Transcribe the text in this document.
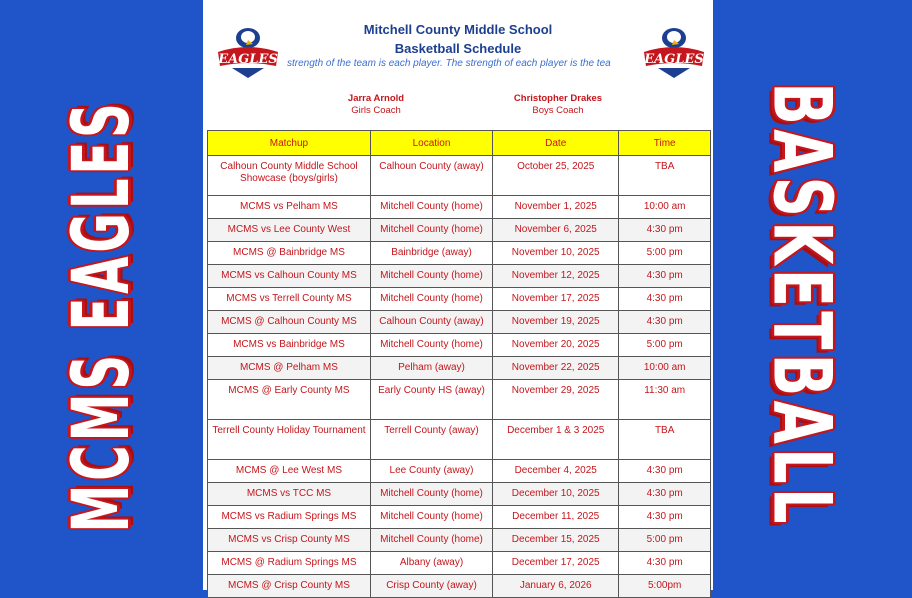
MCMS EAGLES	BASKETBALL
EAGLES	EAGLES
Mitchell County Middle School
Basketball Schedule
strength of the team is each player. The strength of each player is the tea
Jarra Arnold
Girls Coach
Christopher Drakes
Boys Coach
Matchup	Location	Date	Time
Calhoun County Middle School Showcase (boys/girls)	Calhoun County (away)	October 25, 2025	TBA
MCMS vs Pelham MS	Mitchell County (home)	November 1, 2025	10:00 am
MCMS vs Lee County West	Mitchell County (home)	November 6, 2025	4:30 pm
MCMS @ Bainbridge MS	Bainbridge (away)	November 10, 2025	5:00 pm
MCMS vs Calhoun County MS	Mitchell County (home)	November 12, 2025	4:30 pm
MCMS vs Terrell County MS	Mitchell County (home)	November 17, 2025	4:30 pm
MCMS @ Calhoun County MS	Calhoun County (away)	November 19, 2025	4:30 pm
MCMS vs Bainbridge MS	Mitchell County (home)	November 20, 2025	5:00 pm
MCMS @ Pelham MS	Pelham (away)	November 22, 2025	10:00 am
MCMS @ Early County MS	Early County HS (away)	November 29, 2025	11:30 am
Terrell County Holiday Tournament	Terrell County (away)	December 1 & 3 2025	TBA
MCMS @ Lee West MS	Lee County (away)	December 4, 2025	4:30 pm
MCMS vs TCC MS	Mitchell County (home)	December 10, 2025	4:30 pm
MCMS vs Radium Springs MS	Mitchell County (home)	December 11, 2025	4:30 pm
MCMS vs Crisp County MS	Mitchell County (home)	December 15, 2025	5:00 pm
MCMS @ Radium Springs MS	Albany (away)	December 17, 2025	4:30 pm
MCMS @ Crisp County MS	Crisp County (away)	January 6, 2026	5:00pm
